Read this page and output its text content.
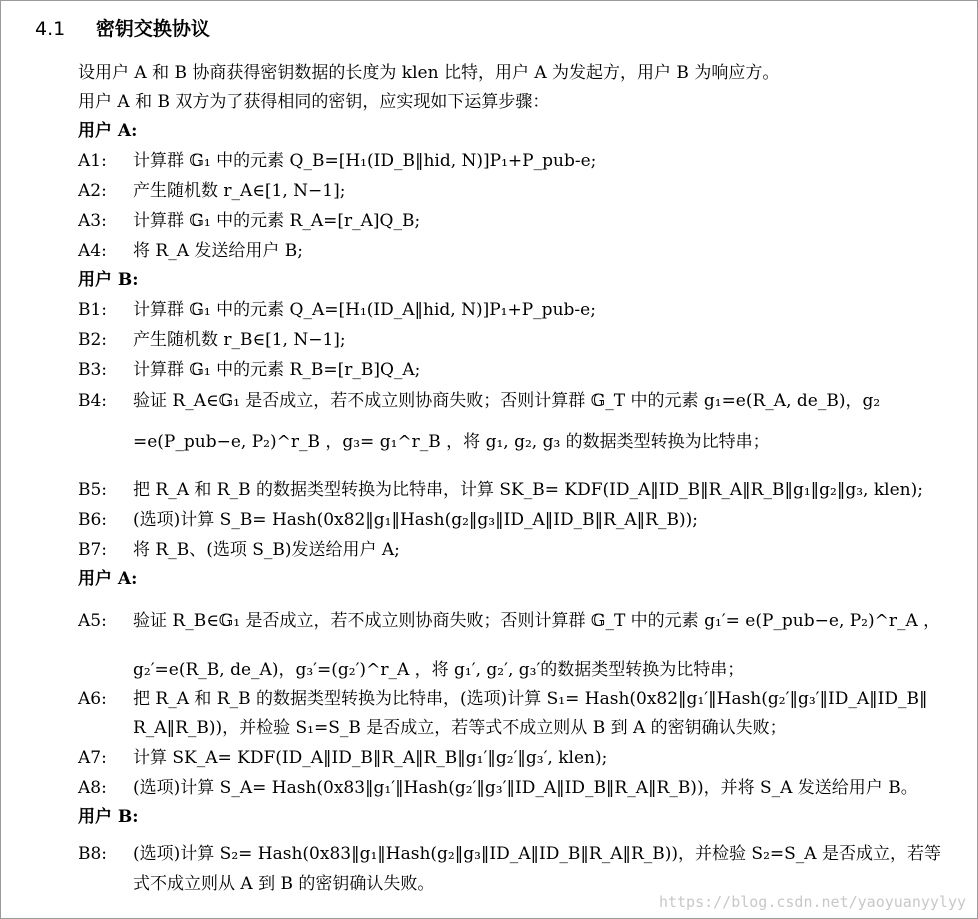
4.1 密钥交换协议
设用户 A 和 B 协商获得密钥数据的长度为 klen 比特，用户 A 为发起方，用户 B 为响应方。
用户 A 和 B 双方为了获得相同的密钥，应实现如下运算步骤：
用户 A:
A1: 计算群 𝔾₁ 中的元素 Q_B=[H₁(ID_B‖hid, N)]P₁+P_pub-e;
A2: 产生随机数 r_A∈[1, N−1];
A3: 计算群 𝔾₁ 中的元素 R_A=[r_A]Q_B;
A4: 将 R_A 发送给用户 B;
用户 B:
B1: 计算群 𝔾₁ 中的元素 Q_A=[H₁(ID_A‖hid, N)]P₁+P_pub-e;
B2: 产生随机数 r_B∈[1, N−1];
B3: 计算群 𝔾₁ 中的元素 R_B=[r_B]Q_A;
B4: 验证 R_A∈𝔾₁ 是否成立，若不成立则协商失败；否则计算群 𝔾_T 中的元素 g₁=e(R_A, de_B)，g₂
=e(P_pub−e, P₂)^r_B ，g₃= g₁^r_B ，将 g₁, g₂, g₃ 的数据类型转换为比特串；
B5: 把 R_A 和 R_B 的数据类型转换为比特串，计算 SK_B= KDF(ID_A‖ID_B‖R_A‖R_B‖g₁‖g₂‖g₃, klen);
B6: (选项)计算 S_B= Hash(0x82‖g₁‖Hash(g₂‖g₃‖ID_A‖ID_B‖R_A‖R_B));
B7: 将 R_B、(选项 S_B)发送给用户 A;
用户 A:
A5: 验证 R_B∈𝔾₁ 是否成立，若不成立则协商失败；否则计算群 𝔾_T 中的元素 g₁′= e(P_pub−e, P₂)^r_A ，
g₂′=e(R_B, de_A)，g₃′=(g₂′)^r_A ，将 g₁′, g₂′, g₃′的数据类型转换为比特串；
A6: 把 R_A 和 R_B 的数据类型转换为比特串，(选项)计算 S₁= Hash(0x82‖g₁′‖Hash(g₂′‖g₃′‖ID_A‖ID_B‖
R_A‖R_B))，并检验 S₁=S_B 是否成立，若等式不成立则从 B 到 A 的密钥确认失败；
A7: 计算 SK_A= KDF(ID_A‖ID_B‖R_A‖R_B‖g₁′‖g₂′‖g₃′, klen);
A8: (选项)计算 S_A= Hash(0x83‖g₁′‖Hash(g₂′‖g₃′‖ID_A‖ID_B‖R_A‖R_B))，并将 S_A 发送给用户 B。
用户 B:
B8: (选项)计算 S₂= Hash(0x83‖g₁‖Hash(g₂‖g₃‖ID_A‖ID_B‖R_A‖R_B))，并检验 S₂=S_A 是否成立，若等
式不成立则从 A 到 B 的密钥确认失败。
https://blog.csdn.net/yaoyuanyylyy
